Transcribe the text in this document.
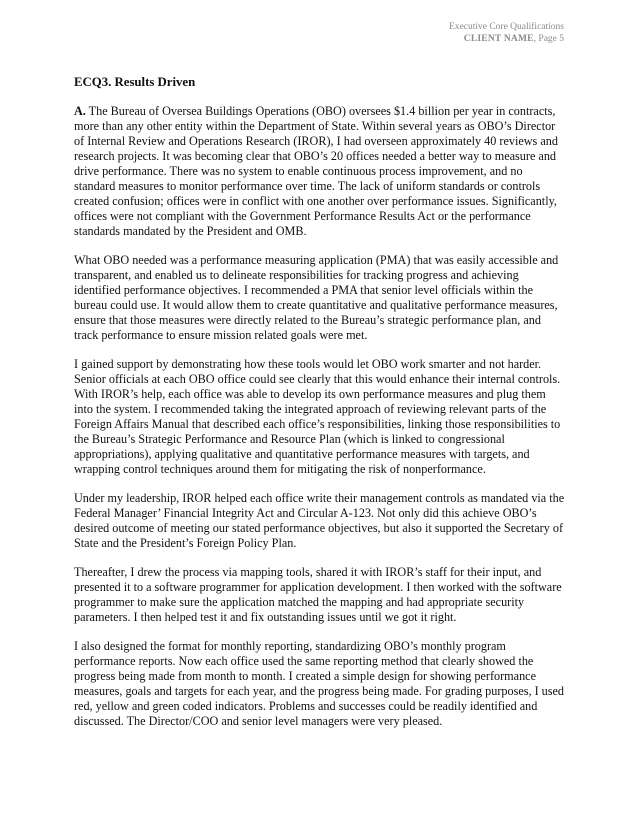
Executive Core Qualifications
CLIENT NAME, Page 5
ECQ3. Results Driven

A. The Bureau of Oversea Buildings Operations (OBO) oversees $1.4 billion per year in contracts, more than any other entity within the Department of State. Within several years as OBO’s Director of Internal Review and Operations Research (IROR), I had overseen approximately 40 reviews and research projects. It was becoming clear that OBO’s 20 offices needed a better way to measure and drive performance. There was no system to enable continuous process improvement, and no standard measures to monitor performance over time. The lack of uniform standards or controls created confusion; offices were in conflict with one another over performance issues. Significantly, offices were not compliant with the Government Performance Results Act or the performance standards mandated by the President and OMB.

What OBO needed was a performance measuring application (PMA) that was easily accessible and transparent, and enabled us to delineate responsibilities for tracking progress and achieving identified performance objectives. I recommended a PMA that senior level officials within the bureau could use. It would allow them to create quantitative and qualitative performance measures, ensure that those measures were directly related to the Bureau’s strategic performance plan, and track performance to ensure mission related goals were met.

I gained support by demonstrating how these tools would let OBO work smarter and not harder. Senior officials at each OBO office could see clearly that this would enhance their internal controls. With IROR’s help, each office was able to develop its own performance measures and plug them into the system. I recommended taking the integrated approach of reviewing relevant parts of the Foreign Affairs Manual that described each office’s responsibilities, linking those responsibilities to the Bureau’s Strategic Performance and Resource Plan (which is linked to congressional appropriations), applying qualitative and quantitative performance measures with targets, and wrapping control techniques around them for mitigating the risk of nonperformance.

Under my leadership, IROR helped each office write their management controls as mandated via the Federal Manager’ Financial Integrity Act and Circular A-123. Not only did this achieve OBO’s desired outcome of meeting our stated performance objectives, but also it supported the Secretary of State and the President’s Foreign Policy Plan.

Thereafter, I drew the process via mapping tools, shared it with IROR’s staff for their input, and presented it to a software programmer for application development. I then worked with the software programmer to make sure the application matched the mapping and had appropriate security parameters. I then helped test it and fix outstanding issues until we got it right.

I also designed the format for monthly reporting, standardizing OBO’s monthly program performance reports. Now each office used the same reporting method that clearly showed the progress being made from month to month. I created a simple design for showing performance measures, goals and targets for each year, and the progress being made. For grading purposes, I used red, yellow and green coded indicators. Problems and successes could be readily identified and discussed. The Director/COO and senior level managers were very pleased.
